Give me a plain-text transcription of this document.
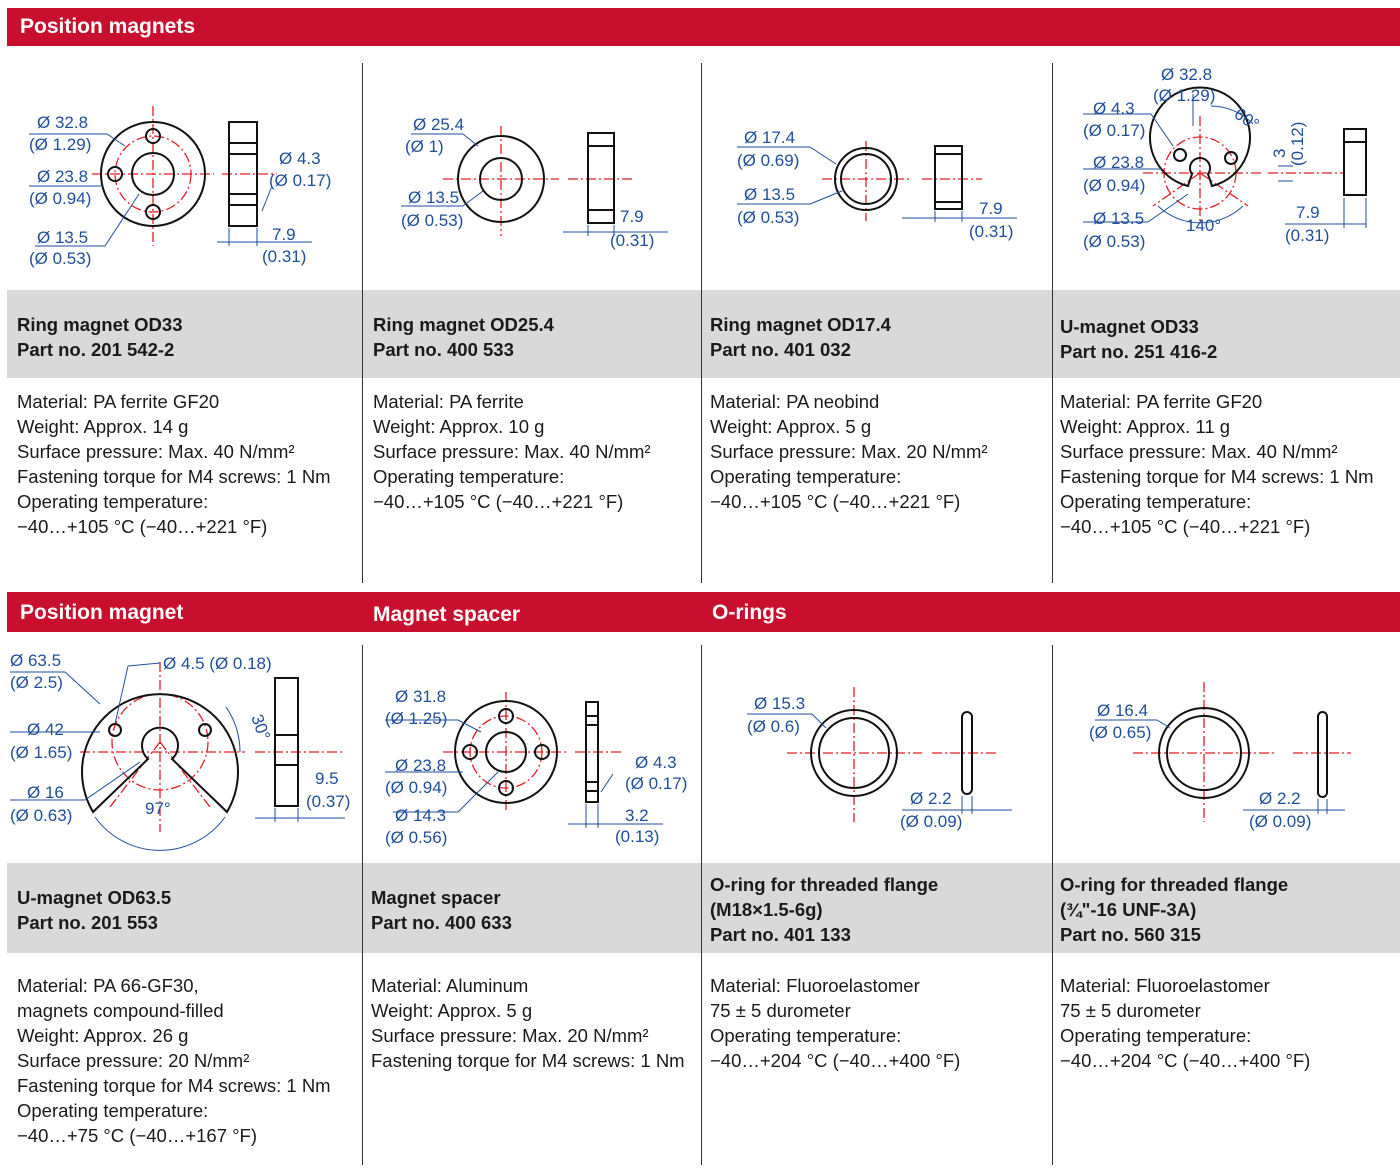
Position magnets
Position magnet	Magnet spacer	O-rings
Ø 32.8
(Ø 1.29)
Ø 23.8
(Ø 0.94)
Ø 13.5
(Ø 0.53)
Ø 4.3
(Ø 0.17)
7.9
(0.31)
Ring magnet OD33
Part no. 201 542-2
Material: PA ferrite GF20
Weight: Approx. 14 g
Surface pressure: Max. 40 N/mm²
Fastening torque for M4 screws: 1 Nm
Operating temperature:
−40…+105 °C (−40…+221 °F)
Ø 25.4
(Ø 1)
Ø 13.5
(Ø 0.53)	7.9
(0.31)
Ring magnet OD25.4
Part no. 400 533
Material: PA ferrite
Weight: Approx. 10 g
Surface pressure: Max. 40 N/mm²
Operating temperature:
−40…+105 °C (−40…+221 °F)
Ø 17.4
(Ø 0.69)
Ø 13.5
(Ø 0.53)	7.9
(0.31)
Ring magnet OD17.4
Part no. 401 032
Material: PA neobind
Weight: Approx. 5 g
Surface pressure: Max. 20 N/mm²
Operating temperature:
−40…+105 °C (−40…+221 °F)
Ø 32.8
(Ø 1.29)
Ø 4.3
(Ø 0.17)
Ø 23.8
(Ø 0.94)
60°
3 (0.12)
Ø 13.5
(Ø 0.53)
140°
7.9
(0.31)
U-magnet OD33
Part no. 251 416-2
Material: PA ferrite GF20
Weight: Approx. 11 g
Surface pressure: Max. 40 N/mm²
Fastening torque for M4 screws: 1 Nm
Operating temperature:
−40…+105 °C (−40…+221 °F)
Ø 63.5
(Ø 2.5)
Ø 4.5 (Ø 0.18)
Ø 42
(Ø 1.65)
Ø 16
(Ø 0.63)	97°
30°
9.5
(0.37)
U-magnet OD63.5
Part no. 201 553
Material: PA 66-GF30,
magnets compound-filled
Weight: Approx. 26 g
Surface pressure: 20 N/mm²
Fastening torque for M4 screws: 1 Nm
Operating temperature:
−40…+75 °C (−40…+167 °F)
Ø 31.8
(Ø 1.25)
Ø 23.8
(Ø 0.94)
Ø 14.3
(Ø 0.56)
Ø 4.3
(Ø 0.17)
3.2
(0.13)
Magnet spacer
Part no. 400 633
Material: Aluminum
Weight: Approx. 5 g
Surface pressure: Max. 20 N/mm²
Fastening torque for M4 screws: 1 Nm
Ø 15.3
(Ø 0.6)
Ø 2.2
(Ø 0.09)
O-ring for threaded flange
(M18×1.5-6g)
Part no. 401 133
Material: Fluoroelastomer
75 ± 5 durometer
Operating temperature:
−40…+204 °C (−40…+400 °F)
Ø 16.4
(Ø 0.65)
Ø 2.2
(Ø 0.09)
O-ring for threaded flange
(¾"-16 UNF-3A)
Part no. 560 315
Material: Fluoroelastomer
75 ± 5 durometer
Operating temperature:
−40…+204 °C (−40…+400 °F)
